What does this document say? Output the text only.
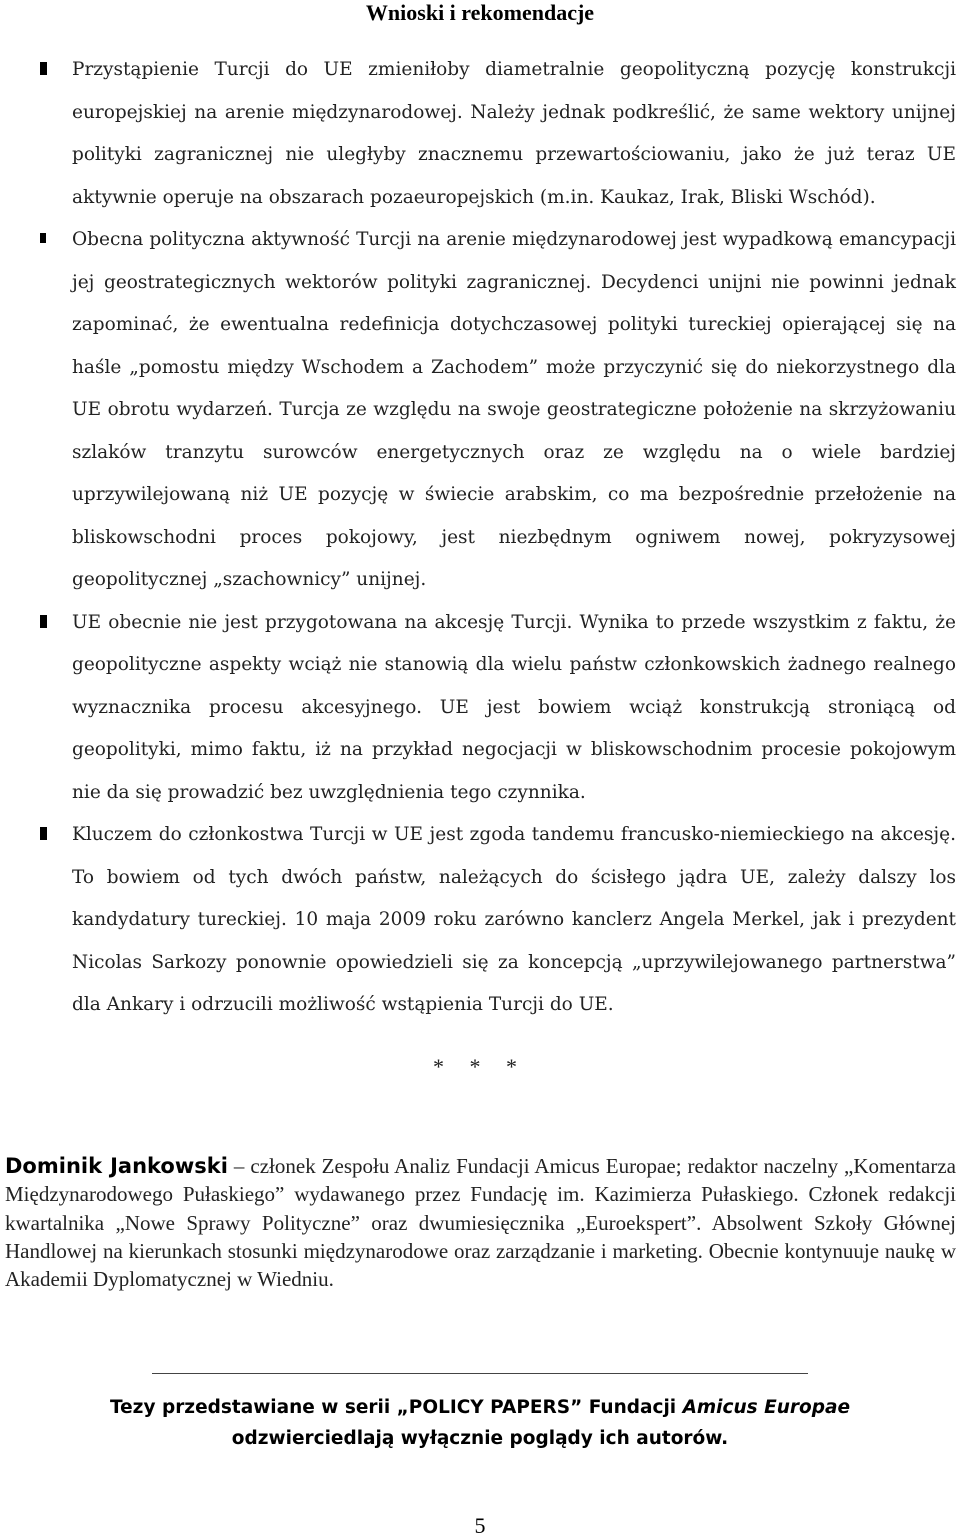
Wnioski i rekomendacje
Przystąpienie Turcji do UE zmieniłoby diametralnie geopolityczną pozycję konstrukcji europejskiej na arenie międzynarodowej. Należy jednak podkreślić, że same wektory unijnej polityki zagranicznej nie uległyby znacznemu przewartościowaniu, jako że już teraz UE aktywnie operuje na obszarach pozaeuropejskich (m.in. Kaukaz, Irak, Bliski Wschód).
Obecna polityczna aktywność Turcji na arenie międzynarodowej jest wypadkową emancypacji jej geostrategicznych wektorów polityki zagranicznej. Decydenci unijni nie powinni jednak zapominać, że ewentualna redefinicja dotychczasowej polityki tureckiej opierającej się na haśle „pomostu między Wschodem a Zachodem” może przyczynić się do niekorzystnego dla UE obrotu wydarzeń. Turcja ze względu na swoje geostrategiczne położenie na skrzyżowaniu szlaków tranzytu surowców energetycznych oraz ze względu na o wiele bardziej uprzywilejowaną niż UE pozycję w świecie arabskim, co ma bezpośrednie przełożenie na bliskowschodni proces pokojowy, jest niezbędnym ogniwem nowej, pokryzysowej geopolitycznej „szachownicy” unijnej.
UE obecnie nie jest przygotowana na akcesję Turcji. Wynika to przede wszystkim z faktu, że geopolityczne aspekty wciąż nie stanowią dla wielu państw członkowskich żadnego realnego wyznacznika procesu akcesyjnego. UE jest bowiem wciąż konstrukcją stroniącą od geopolityki, mimo faktu, iż na przykład negocjacji w bliskowschodnim procesie pokojowym nie da się prowadzić bez uwzględnienia tego czynnika.
Kluczem do członkostwa Turcji w UE jest zgoda tandemu francusko-niemieckiego na akcesję. To bowiem od tych dwóch państw, należących do ścisłego jądra UE, zależy dalszy los kandydatury tureckiej. 10 maja 2009 roku zarówno kanclerz Angela Merkel, jak i prezydent Nicolas Sarkozy ponownie opowiedzieli się za koncepcją „uprzywilejowanego partnerstwa” dla Ankary i odrzucili możliwość wstąpienia Turcji do UE.
* * *
Dominik Jankowski – członek Zespołu Analiz Fundacji Amicus Europae; redaktor naczelny „Komentarza Międzynarodowego Pułaskiego” wydawanego przez Fundację im. Kazimierza Pułaskiego. Członek redakcji kwartalnika „Nowe Sprawy Polityczne” oraz dwumiesięcznika „Euroekspert”. Absolwent Szkoły Głównej Handlowej na kierunkach stosunki międzynarodowe oraz zarządzanie i marketing. Obecnie kontynuuje naukę w Akademii Dyplomatycznej w Wiedniu.
Tezy przedstawiane w serii „POLICY PAPERS” Fundacji Amicus Europae
odzwierciedlają wyłącznie poglądy ich autorów.
5
